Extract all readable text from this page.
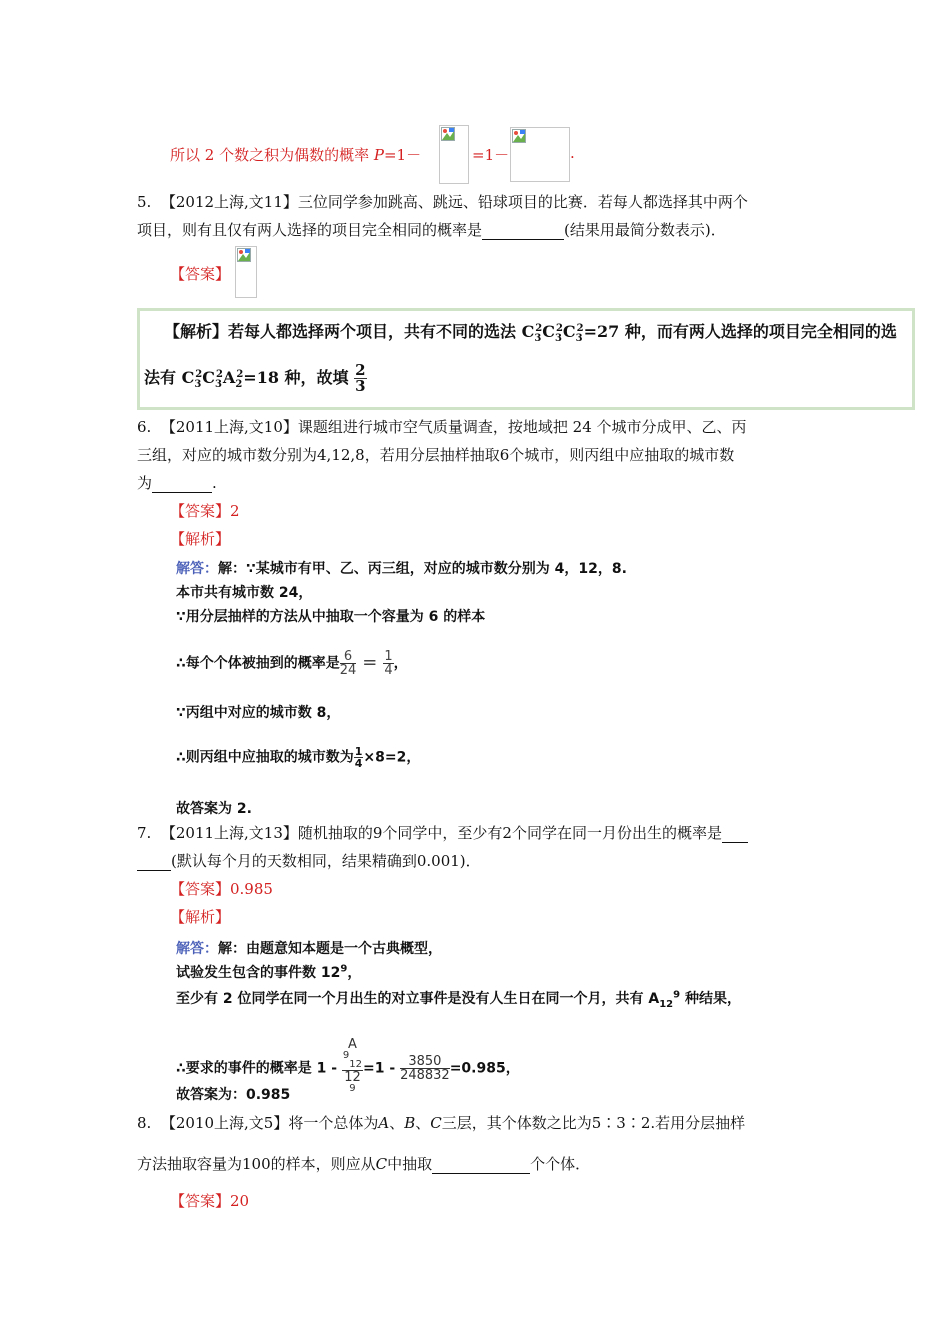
所以 2 个数之积为偶数的概率 P=1－	=1－	.
5. 【2012上海,文11】三位同学参加跳高、跳远、铅球项目的比赛．若每人都选择其中两个
项目，则有且仅有两人选择的项目完全相同的概率是	(结果用最简分数表示)．
【答案】
【解析】若每人都选择两个项目，共有不同的选法 $C_3^2C_3^2C_3^2=27$ 种，而有两人选择的项目完全相同的选
法有 $C_3^2C_3^2A_2^2=18$ 种，故填 $\frac{2}{3}$
6. 【2011上海,文10】课题组进行城市空气质量调查，按地域把 24 个城市分成甲、乙、丙
三组，对应的城市数分别为4,12,8，若用分层抽样抽取6个城市，则丙组中应抽取的城市数
为	.
【答案】2
【解析】
解答：解：∵某城市有甲、乙、丙三组，对应的城市数分别为 4，12，8.
本市共有城市数 24，
∵用分层抽样的方法从中抽取一个容量为 6 的样本
∴每个个体被抽到的概率是 $\frac{6}{24} = \frac{1}{4}$ ，
∵丙组中对应的城市数 8，
∴则丙组中应抽取的城市数为 $\frac{1}{4} \times 8=2$，
故答案为 2.
7. 【2011上海,文13】随机抽取的9个同学中，至少有2个同学在同一月份出生的概率是
(默认每个月的天数相同，结果精确到0.001)．
【答案】0.985
【解析】
解答：解：由题意知本题是一个古典概型，
试验发生包含的事件数 $12^9$，
至少有 2 位同学在同一个月出生的对立事件是没有人生日在同一个月，共有 $A_{12}^9$ 种结果，
∴要求的事件的概率是 1 - A
$^9_{12}$
12
$^9 =1 - \frac{3850}{248832} =0.985$，
故答案为：0.985
8. 【2010上海,文5】将一个总体为A、B、C三层，其个体数之比为5∶3∶2.若用分层抽样
方法抽取容量为100的样本，则应从C中抽取	个个体．
【答案】20
